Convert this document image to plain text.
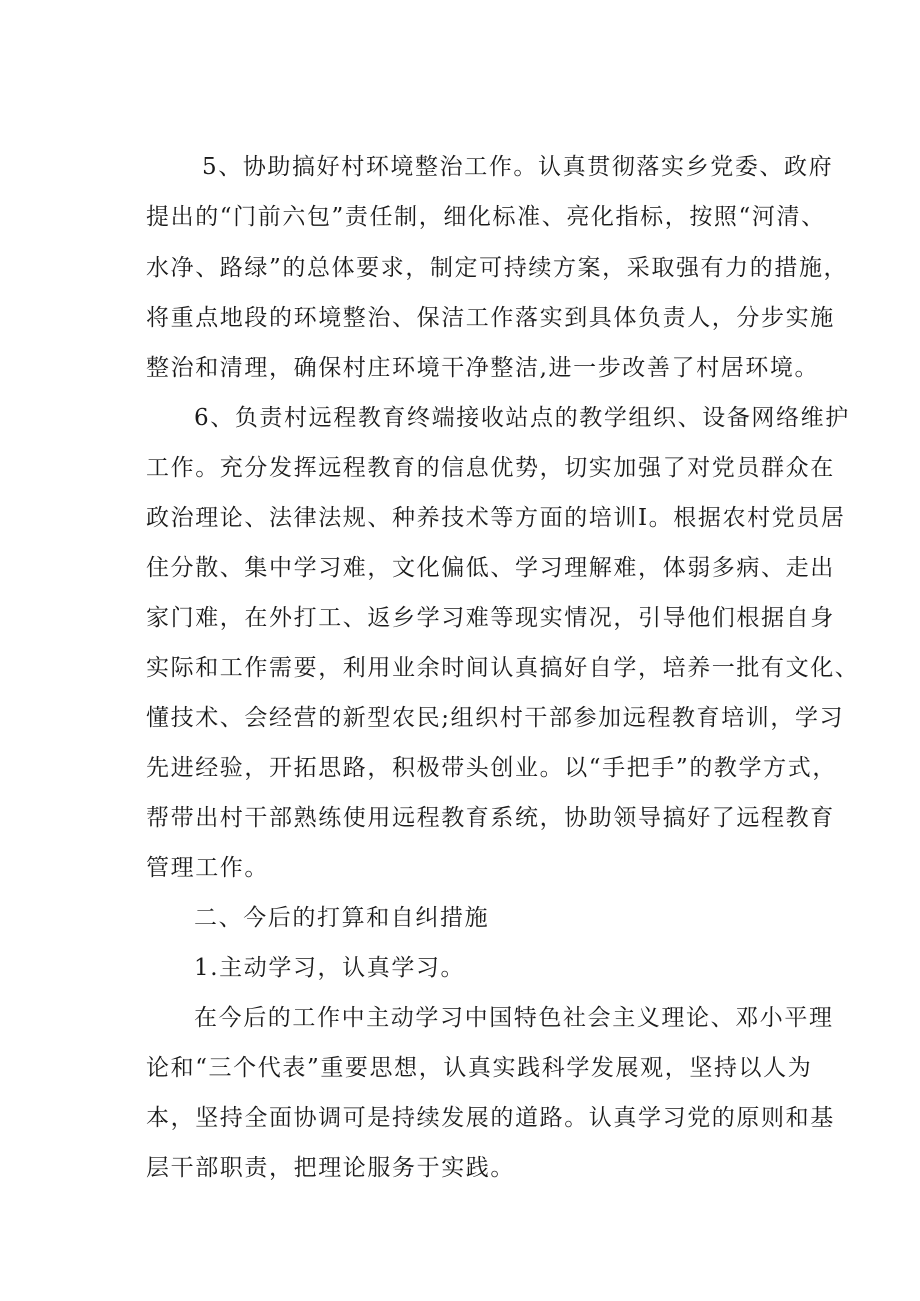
5、协助搞好村环境整治工作。认真贯彻落实乡党委、政府
提出的“门前六包”责任制，细化标准、亮化指标，按照“河清、
水净、路绿”的总体要求，制定可持续方案，采取强有力的措施，
将重点地段的环境整治、保洁工作落实到具体负责人，分步实施
整治和清理，确保村庄环境干净整洁,进一步改善了村居环境。
6、负责村远程教育终端接收站点的教学组织、设备网络维护
工作。充分发挥远程教育的信息优势，切实加强了对党员群众在
政治理论、法律法规、种养技术等方面的培训Ⅰ。根据农村党员居
住分散、集中学习难，文化偏低、学习理解难，体弱多病、走出
家门难，在外打工、返乡学习难等现实情况，引导他们根据自身
实际和工作需要，利用业余时间认真搞好自学，培养一批有文化、
懂技术、会经营的新型农民;组织村干部参加远程教育培训，学习
先进经验，开拓思路，积极带头创业。以“手把手”的教学方式，
帮带出村干部熟练使用远程教育系统，协助领导搞好了远程教育
管理工作。
二、今后的打算和自纠措施
1.主动学习，认真学习。
在今后的工作中主动学习中国特色社会主义理论、邓小平理
论和“三个代表”重要思想，认真实践科学发展观，坚持以人为
本，坚持全面协调可是持续发展的道路。认真学习党的原则和基
层干部职责，把理论服务于实践。
